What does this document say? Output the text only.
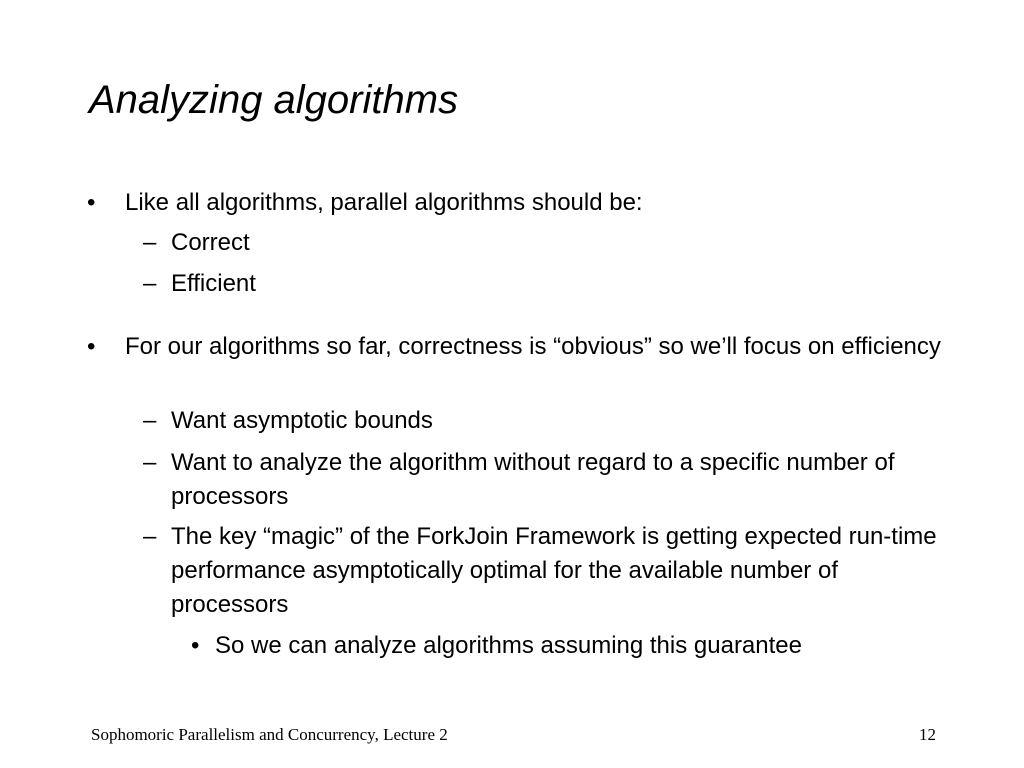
Analyzing algorithms
• Like all algorithms, parallel algorithms should be:
– Correct
– Efficient
• For our algorithms so far, correctness is “obvious” so we’ll focus on efficiency
– Want asymptotic bounds
– Want to analyze the algorithm without regard to a specific number of processors
– The key “magic” of the ForkJoin Framework is getting expected run-time performance asymptotically optimal for the available number of processors
• So we can analyze algorithms assuming this guarantee
Sophomoric Parallelism and Concurrency, Lecture 2	12
